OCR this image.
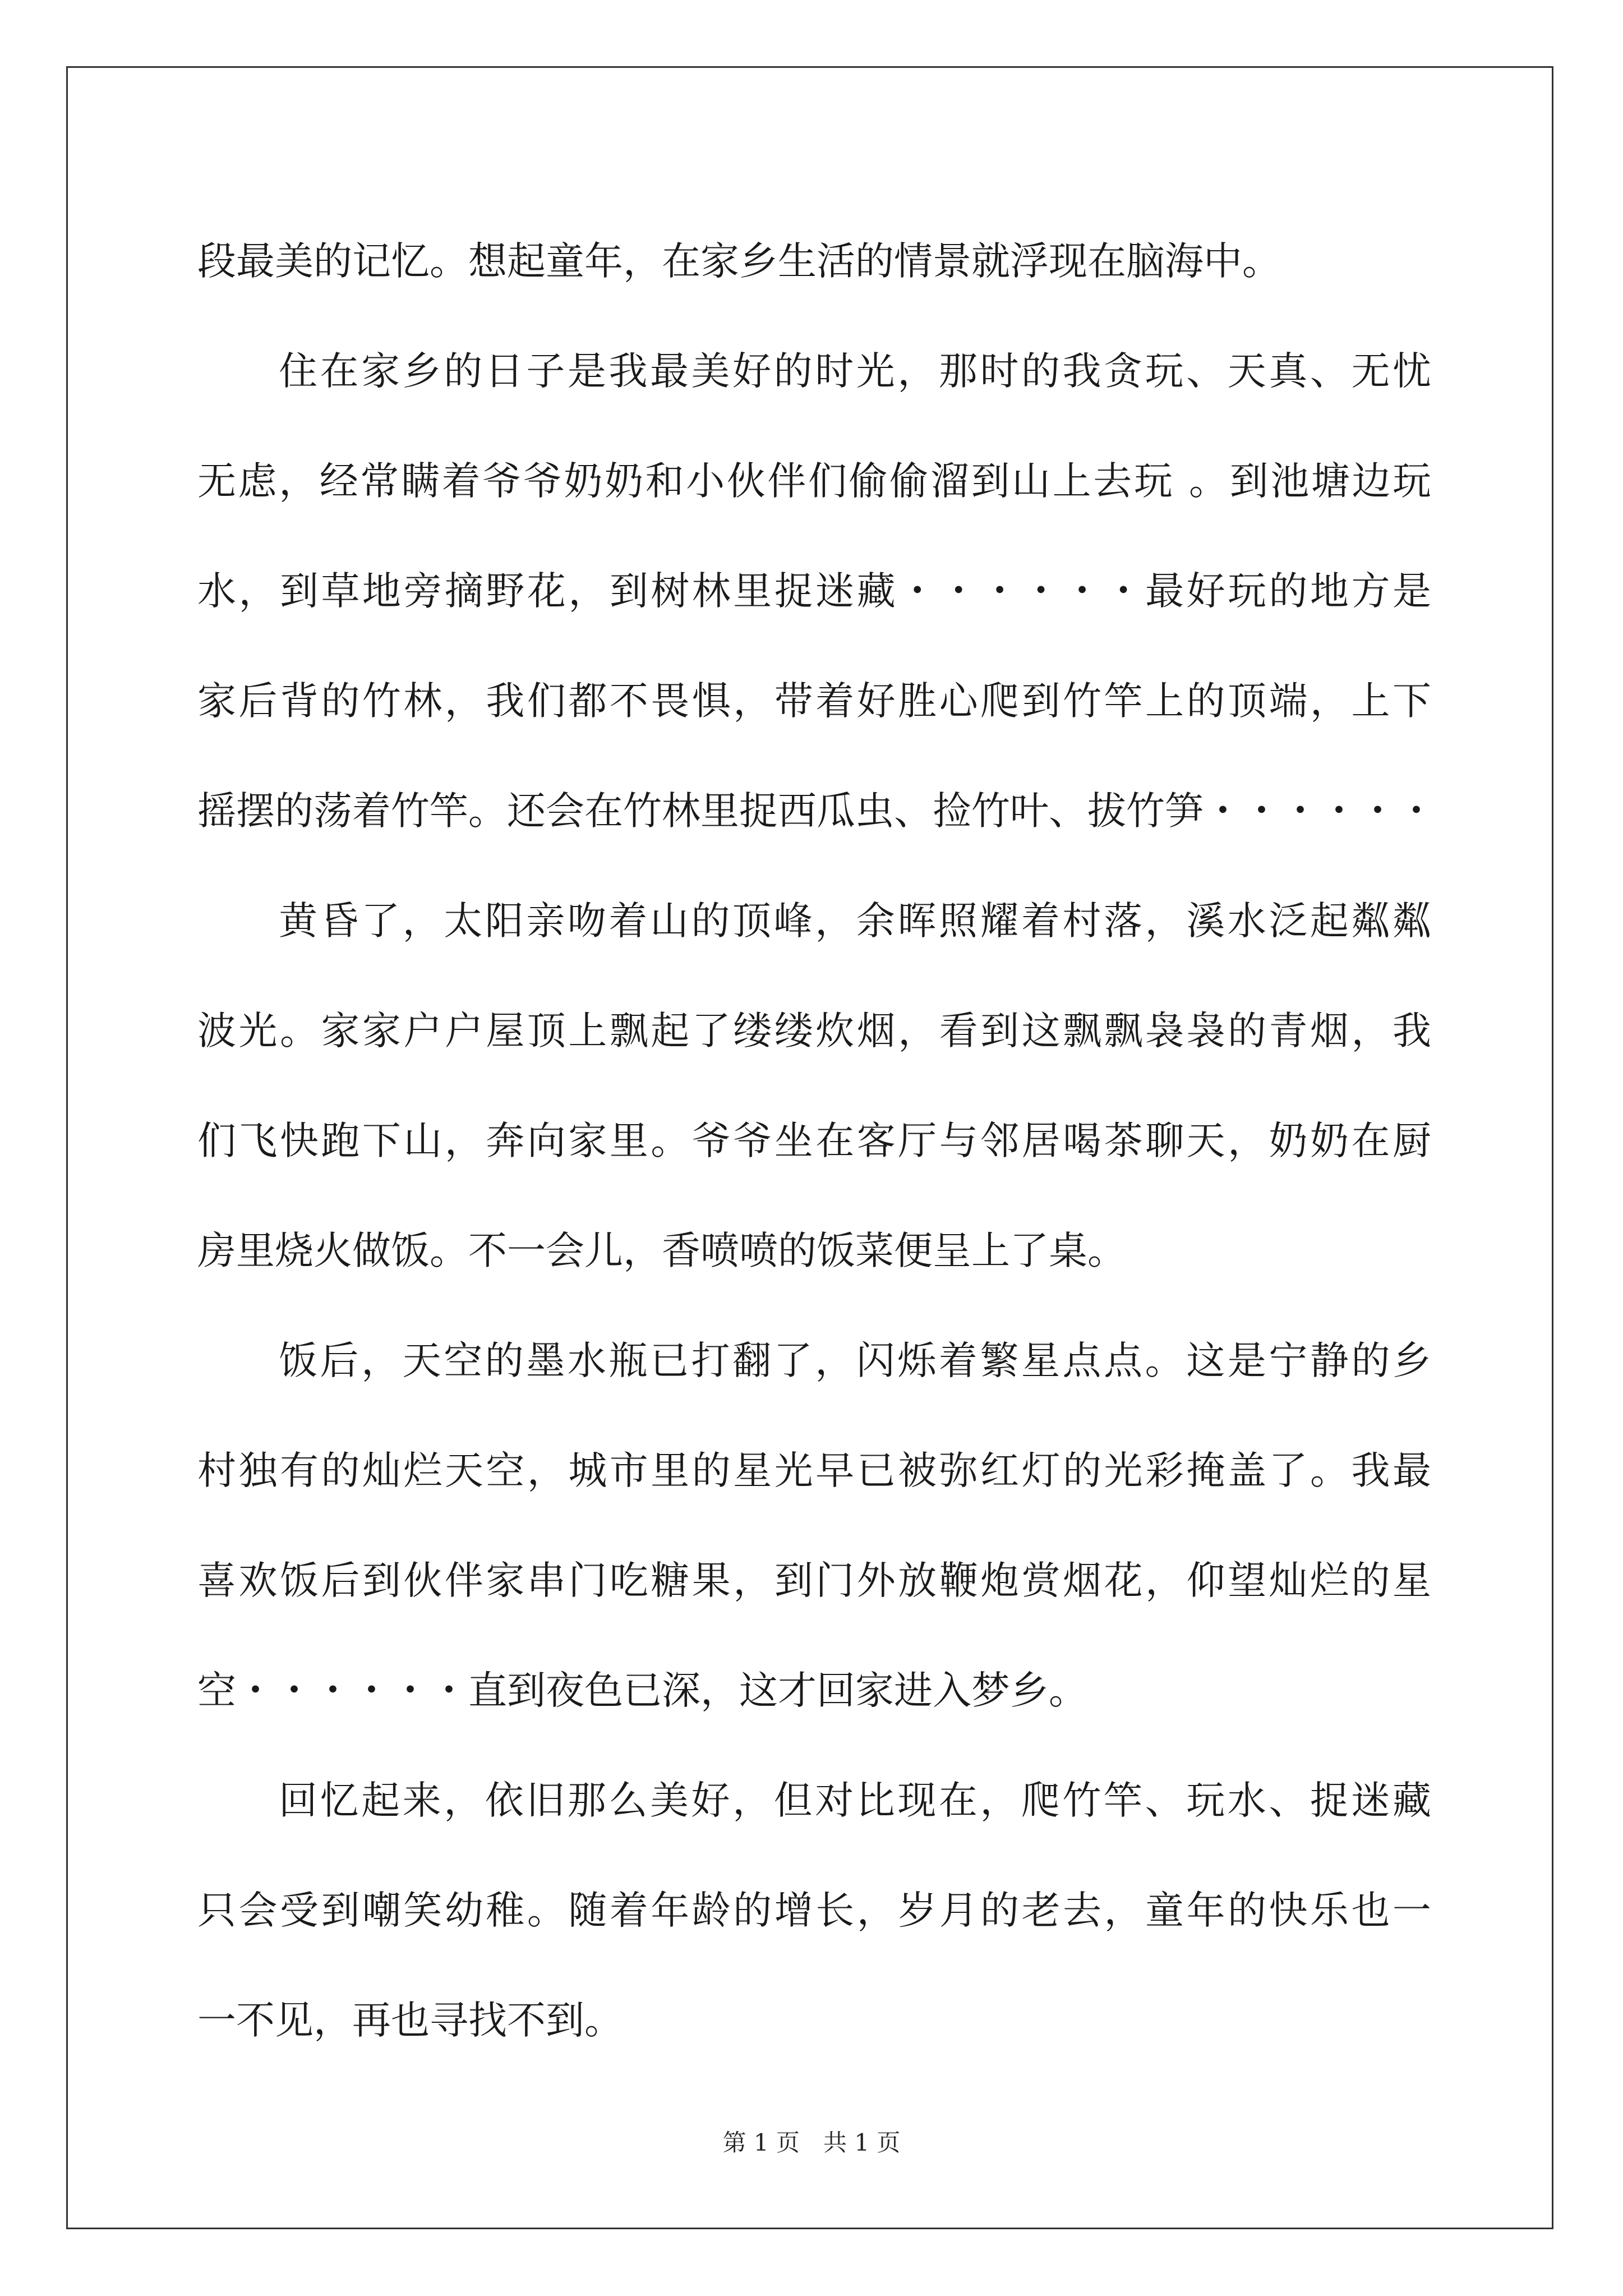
段最美的记忆。想起童年，在家乡生活的情景就浮现在脑海中。
住在家乡的日子是我最美好的时光，那时的我贪玩、天真、无忧
无虑，经常瞒着爷爷奶奶和小伙伴们偷偷溜到山上去玩 。到池塘边玩
水，到草地旁摘野花，到树林里捉迷藏・・・・・・最好玩的地方是
家后背的竹林，我们都不畏惧，带着好胜心爬到竹竿上的顶端，上下
摇摆的荡着竹竿。还会在竹林里捉西瓜虫、捡竹叶、拔竹笋・・・・・・
黄昏了，太阳亲吻着山的顶峰，余晖照耀着村落，溪水泛起粼粼
波光。家家户户屋顶上飘起了缕缕炊烟，看到这飘飘袅袅的青烟，我
们飞快跑下山，奔向家里。爷爷坐在客厅与邻居喝茶聊天，奶奶在厨
房里烧火做饭。不一会儿，香喷喷的饭菜便呈上了桌。
饭后，天空的墨水瓶已打翻了，闪烁着繁星点点。这是宁静的乡
村独有的灿烂天空，城市里的星光早已被弥红灯的光彩掩盖了。我最
喜欢饭后到伙伴家串门吃糖果，到门外放鞭炮赏烟花，仰望灿烂的星
空・・・・・・直到夜色已深，这才回家进入梦乡。
回忆起来，依旧那么美好，但对比现在，爬竹竿、玩水、捉迷藏
只会受到嘲笑幼稚。随着年龄的增长，岁月的老去，童年的快乐也一
一不见，再也寻找不到。
第 1 页　共 1 页
